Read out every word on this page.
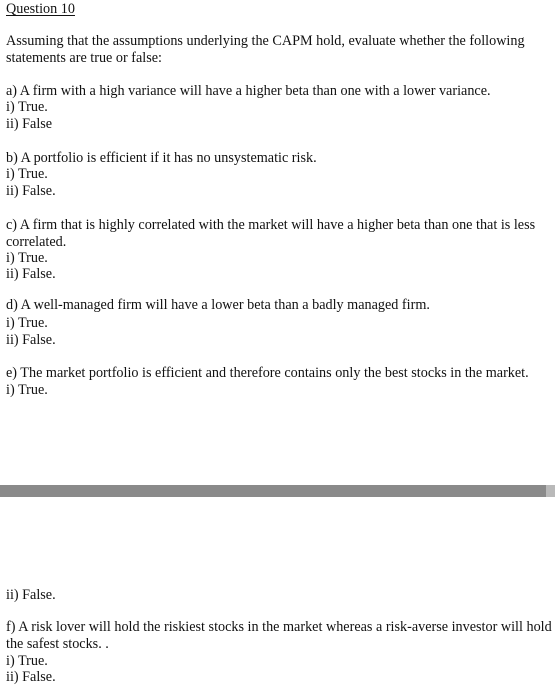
Question 10
Assuming that the assumptions underlying the CAPM hold, evaluate whether the following
statements are true or false:
a) A firm with a high variance will have a higher beta than one with a lower variance.
i) True.
ii) False
b) A portfolio is efficient if it has no unsystematic risk.
i) True.
ii) False.
c) A firm that is highly correlated with the market will have a higher beta than one that is less
correlated.
i) True.
ii) False.
d) A well-managed firm will have a lower beta than a badly managed firm.
i) True.
ii) False.
e) The market portfolio is efficient and therefore contains only the best stocks in the market.
i) True.
ii) False.
f) A risk lover will hold the riskiest stocks in the market whereas a risk-averse investor will hold
the safest stocks. .
i) True.
ii) False.
